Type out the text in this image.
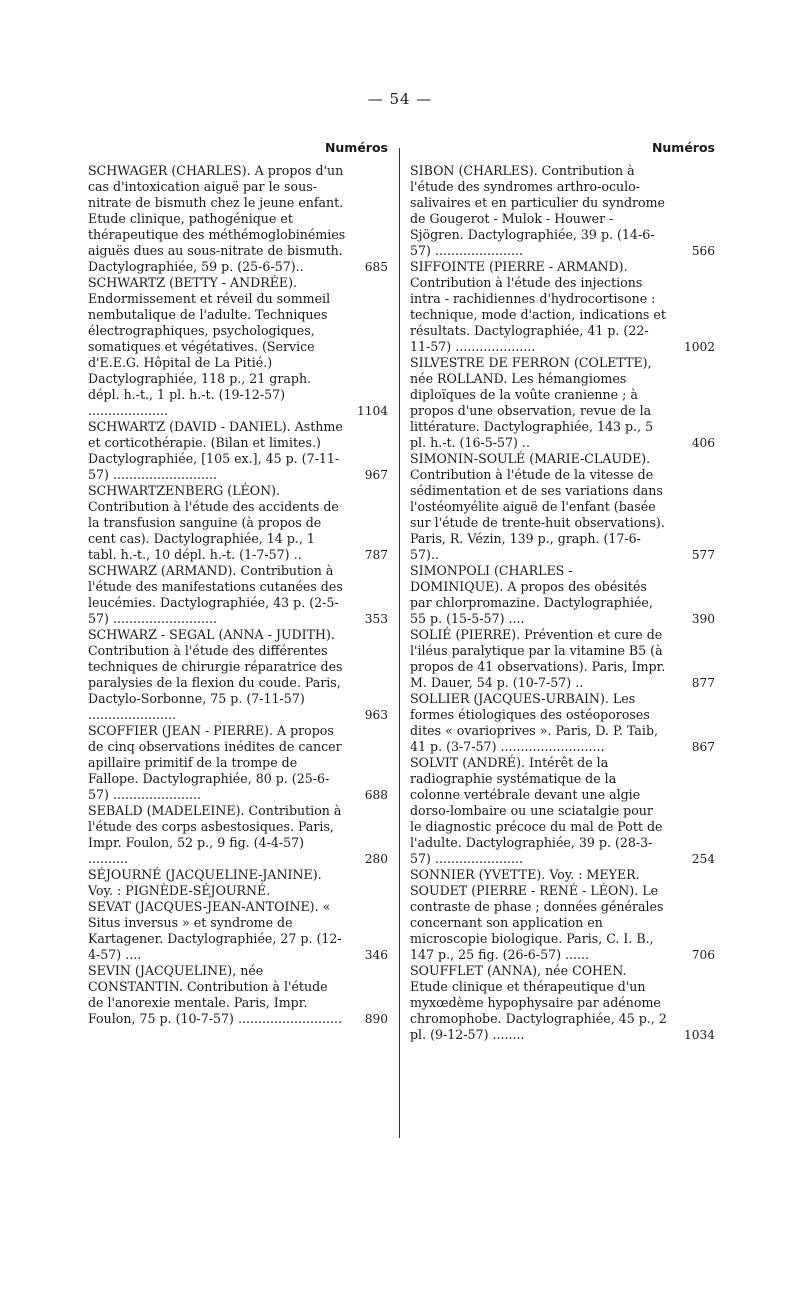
— 54 —
Numéros
SCHWAGER (CHARLES). A propos d'un cas d'intoxication aiguë par le sous-nitrate de bismuth chez le jeune enfant. Etude clinique, pathogénique et thérapeutique des méthémoglobinémies aiguës dues au sous-nitrate de bismuth. Dactylographiée, 59 p. (25-6-57)..	685
SCHWARTZ (BETTY - ANDRÉE). Endormissement et réveil du sommeil nembutalique de l'adulte. Techniques électrographiques, psychologiques, somatiques et végétatives. (Service d'E.E.G. Hôpital de La Pitié.) Dactylographiée, 118 p., 21 graph. dépl. h.-t., 1 pl. h.-t. (19-12-57) ....................	1104
SCHWARTZ (DAVID - DANIEL). Asthme et corticothérapie. (Bilan et limites.) Dactylographiée, [105 ex.], 45 p. (7-11-57) ..........................	967
SCHWARTZENBERG (LÉON). Contribution à l'étude des accidents de la transfusion sanguine (à propos de cent cas). Dactylographiée, 14 p., 1 tabl. h.-t., 10 dépl. h.-t. (1-7-57) ..	787
SCHWARZ (ARMAND). Contribution à l'étude des manifestations cutanées des leucémies. Dactylographiée, 43 p. (2-5-57) ..........................	353
SCHWARZ - SEGAL (ANNA - JUDITH). Contribution à l'étude des différentes techniques de chirurgie réparatrice des paralysies de la flexion du coude. Paris, Dactylo-Sorbonne, 75 p. (7-11-57) ......................	963
SCOFFIER (JEAN - PIERRE). A propos de cinq observations inédites de cancer apillaire primitif de la trompe de Fallope. Dactylographiée, 80 p. (25-6-57) ......................	688
SEBALD (MADELEINE). Contribution à l'étude des corps asbestosiques. Paris, Impr. Foulon, 52 p., 9 fig. (4-4-57) ..........	280
SÉJOURNÉ (JACQUELINE-JANINE). Voy. : PIGNÈDE-SÉJOURNÉ.
SEVAT (JACQUES-JEAN-ANTOINE). « Situs inversus » et syndrome de Kartagener. Dactylographiée, 27 p. (12-4-57) ....	346
SEVIN (JACQUELINE), née CONSTANTIN. Contribution à l'étude de l'anorexie mentale. Paris, Impr. Foulon, 75 p. (10-7-57) ..........................	890
Numéros
SIBON (CHARLES). Contribution à l'étude des syndromes arthro-oculo-salivaires et en particulier du syndrome de Gougerot - Mulok - Houwer - Sjögren. Dactylographiée, 39 p. (14-6-57) ......................	566
SIFFOINTE (PIERRE - ARMAND). Contribution à l'étude des injections intra - rachidiennes d'hydrocortisone : technique, mode d'action, indications et résultats. Dactylographiée, 41 p. (22-11-57) ....................	1002
SILVESTRE DE FERRON (COLETTE), née ROLLAND. Les hémangiomes diploïques de la voûte cranienne ; à propos d'une observation, revue de la littérature. Dactylographiée, 143 p., 5 pl. h.-t. (16-5-57) ..	406
SIMONIN-SOULÉ (MARIE-CLAUDE). Contribution à l'étude de la vitesse de sédimentation et de ses variations dans l'ostéomyélite aiguë de l'enfant (basée sur l'étude de trente-huit observations). Paris, R. Vézin, 139 p., graph. (17-6-57)..	577
SIMONPOLI (CHARLES - DOMINIQUE). A propos des obésités par chlorpromazine. Dactylographiée, 55 p. (15-5-57) ....	390
SOLIÉ (PIERRE). Prévention et cure de l'iléus paralytique par la vitamine B5 (à propos de 41 observations). Paris, Impr. M. Dauer, 54 p. (10-7-57) ..	877
SOLLIER (JACQUES-URBAIN). Les formes étiologiques des ostéoporoses dites « ovarioprives ». Paris, D. P. Taib, 41 p. (3-7-57) ..........................	867
SOLVIT (ANDRÉ). Intérêt de la radiographie systématique de la colonne vertébrale devant une algie dorso-lombaire ou une sciatalgie pour le diagnostic précoce du mal de Pott de l'adulte. Dactylographiée, 39 p. (28-3-57) ......................	254
SONNIER (YVETTE). Voy. : MEYER.
SOUDET (PIERRE - RENÉ - LÉON). Le contraste de phase ; données générales concernant son application en microscopie biologique. Paris, C. I. B., 147 p., 25 fig. (26-6-57) ......	706
SOUFFLET (ANNA), née COHEN. Etude clinique et thérapeutique d'un myxœdème hypophysaire par adénome chromophobe. Dactylographiée, 45 p., 2 pl. (9-12-57) ........	1034
